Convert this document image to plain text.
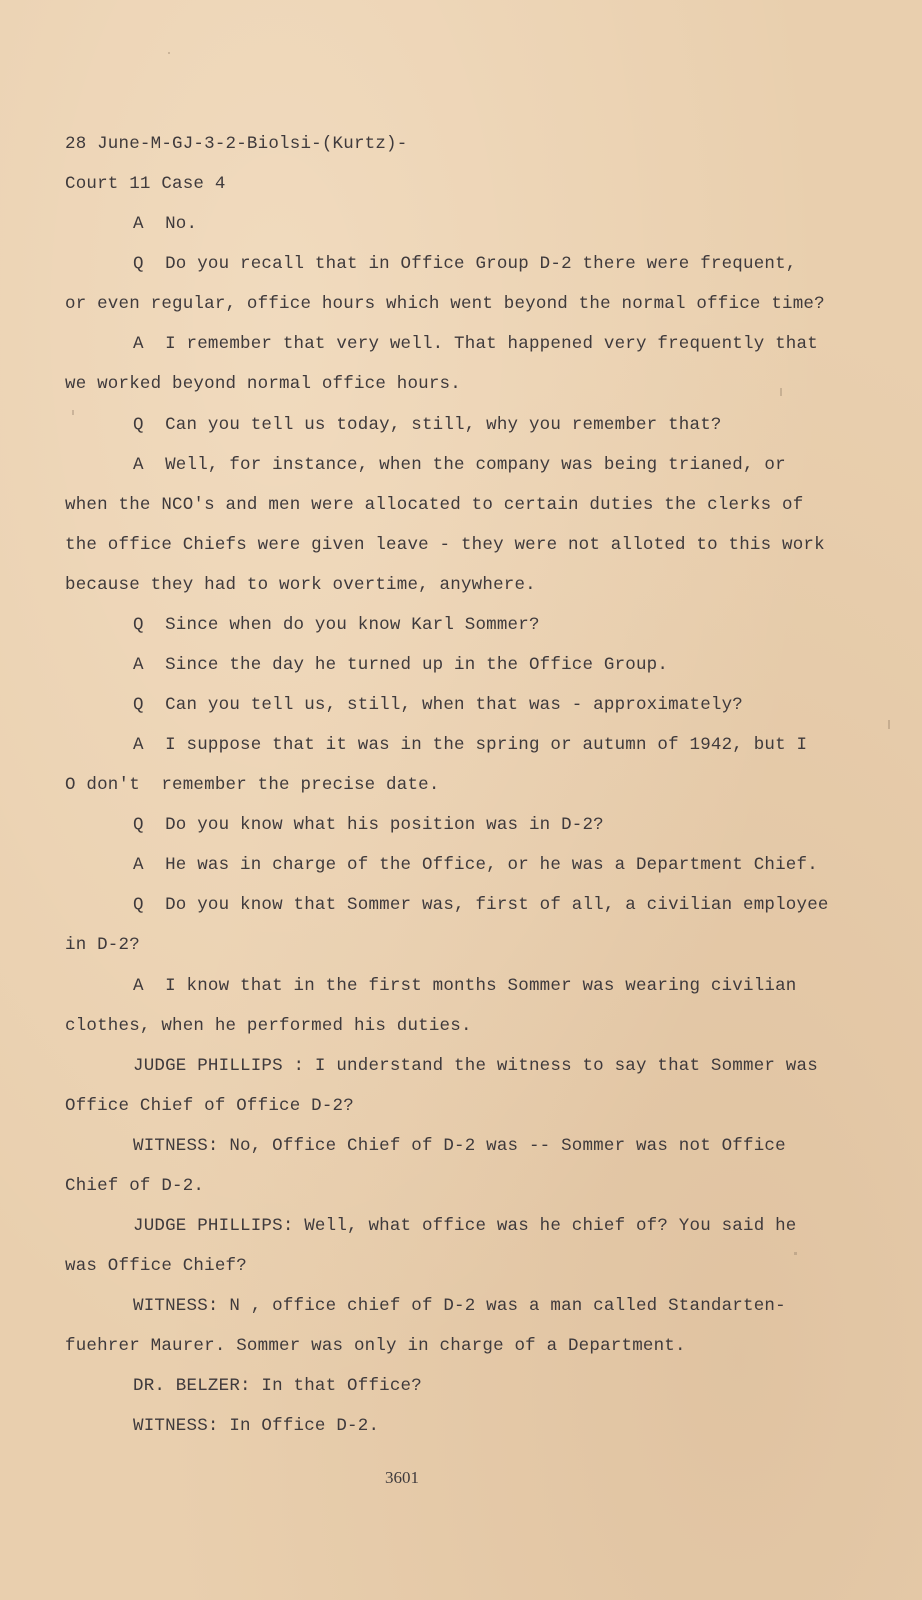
28 June-M-GJ-3-2-Biolsi-(Kurtz)-
Court 11 Case 4
A  No.
Q  Do you recall that in Office Group D-2 there were frequent,
or even regular, office hours which went beyond the normal office time?
A  I remember that very well. That happened very frequently that
we worked beyond normal office hours.
Q  Can you tell us today, still, why you remember that?
A  Well, for instance, when the company was being trianed, or
when the NCO's and men were allocated to certain duties the clerks of
the office Chiefs were given leave - they were not alloted to this work
because they had to work overtime, anywhere.
Q  Since when do you know Karl Sommer?
A  Since the day he turned up in the Office Group.
Q  Can you tell us, still, when that was - approximately?
A  I suppose that it was in the spring or autumn of 1942, but I
O don't  remember the precise date.
Q  Do you know what his position was in D-2?
A  He was in charge of the Office, or he was a Department Chief.
Q  Do you know that Sommer was, first of all, a civilian employee
in D-2?
A  I know that in the first months Sommer was wearing civilian
clothes, when he performed his duties.
JUDGE PHILLIPS : I understand the witness to say that Sommer was
Office Chief of Office D-2?
WITNESS: No, Office Chief of D-2 was -- Sommer was not Office
Chief of D-2.
JUDGE PHILLIPS: Well, what office was he chief of? You said he
was Office Chief?
WITNESS: N , office chief of D-2 was a man called Standarten-
fuehrer Maurer. Sommer was only in charge of a Department.
DR. BELZER: In that Office?
WITNESS: In Office D-2.
3601
